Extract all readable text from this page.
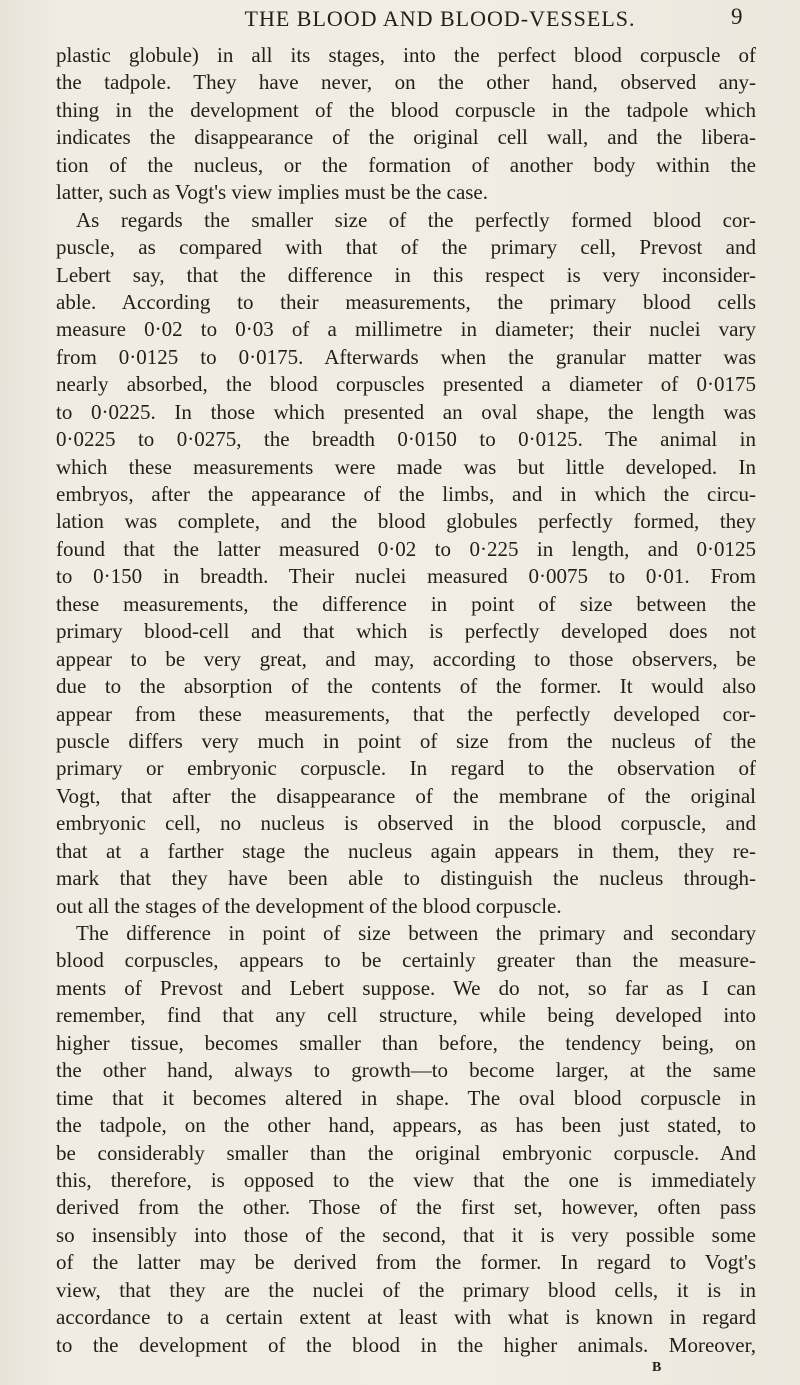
THE BLOOD AND BLOOD-VESSELS.	9
plastic globule) in all its stages, into the perfect blood corpuscle of
the tadpole. They have never, on the other hand, observed any-
thing in the development of the blood corpuscle in the tadpole which
indicates the disappearance of the original cell wall, and the libera-
tion of the nucleus, or the formation of another body within the
latter, such as Vogt's view implies must be the case.
As regards the smaller size of the perfectly formed blood cor-
puscle, as compared with that of the primary cell, Prevost and
Lebert say, that the difference in this respect is very inconsider-
able. According to their measurements, the primary blood cells
measure 0·02 to 0·03 of a millimetre in diameter; their nuclei vary
from 0·0125 to 0·0175. Afterwards when the granular matter was
nearly absorbed, the blood corpuscles presented a diameter of 0·0175
to 0·0225. In those which presented an oval shape, the length was
0·0225 to 0·0275, the breadth 0·0150 to 0·0125. The animal in
which these measurements were made was but little developed. In
embryos, after the appearance of the limbs, and in which the circu-
lation was complete, and the blood globules perfectly formed, they
found that the latter measured 0·02 to 0·225 in length, and 0·0125
to 0·150 in breadth. Their nuclei measured 0·0075 to 0·01. From
these measurements, the difference in point of size between the
primary blood-cell and that which is perfectly developed does not
appear to be very great, and may, according to those observers, be
due to the absorption of the contents of the former. It would also
appear from these measurements, that the perfectly developed cor-
puscle differs very much in point of size from the nucleus of the
primary or embryonic corpuscle. In regard to the observation of
Vogt, that after the disappearance of the membrane of the original
embryonic cell, no nucleus is observed in the blood corpuscle, and
that at a farther stage the nucleus again appears in them, they re-
mark that they have been able to distinguish the nucleus through-
out all the stages of the development of the blood corpuscle.
The difference in point of size between the primary and secondary
blood corpuscles, appears to be certainly greater than the measure-
ments of Prevost and Lebert suppose. We do not, so far as I can
remember, find that any cell structure, while being developed into
higher tissue, becomes smaller than before, the tendency being, on
the other hand, always to growth—to become larger, at the same
time that it becomes altered in shape. The oval blood corpuscle in
the tadpole, on the other hand, appears, as has been just stated, to
be considerably smaller than the original embryonic corpuscle. And
this, therefore, is opposed to the view that the one is immediately
derived from the other. Those of the first set, however, often pass
so insensibly into those of the second, that it is very possible some
of the latter may be derived from the former. In regard to Vogt's
view, that they are the nuclei of the primary blood cells, it is in
accordance to a certain extent at least with what is known in regard
to the development of the blood in the higher animals. Moreover,
B
